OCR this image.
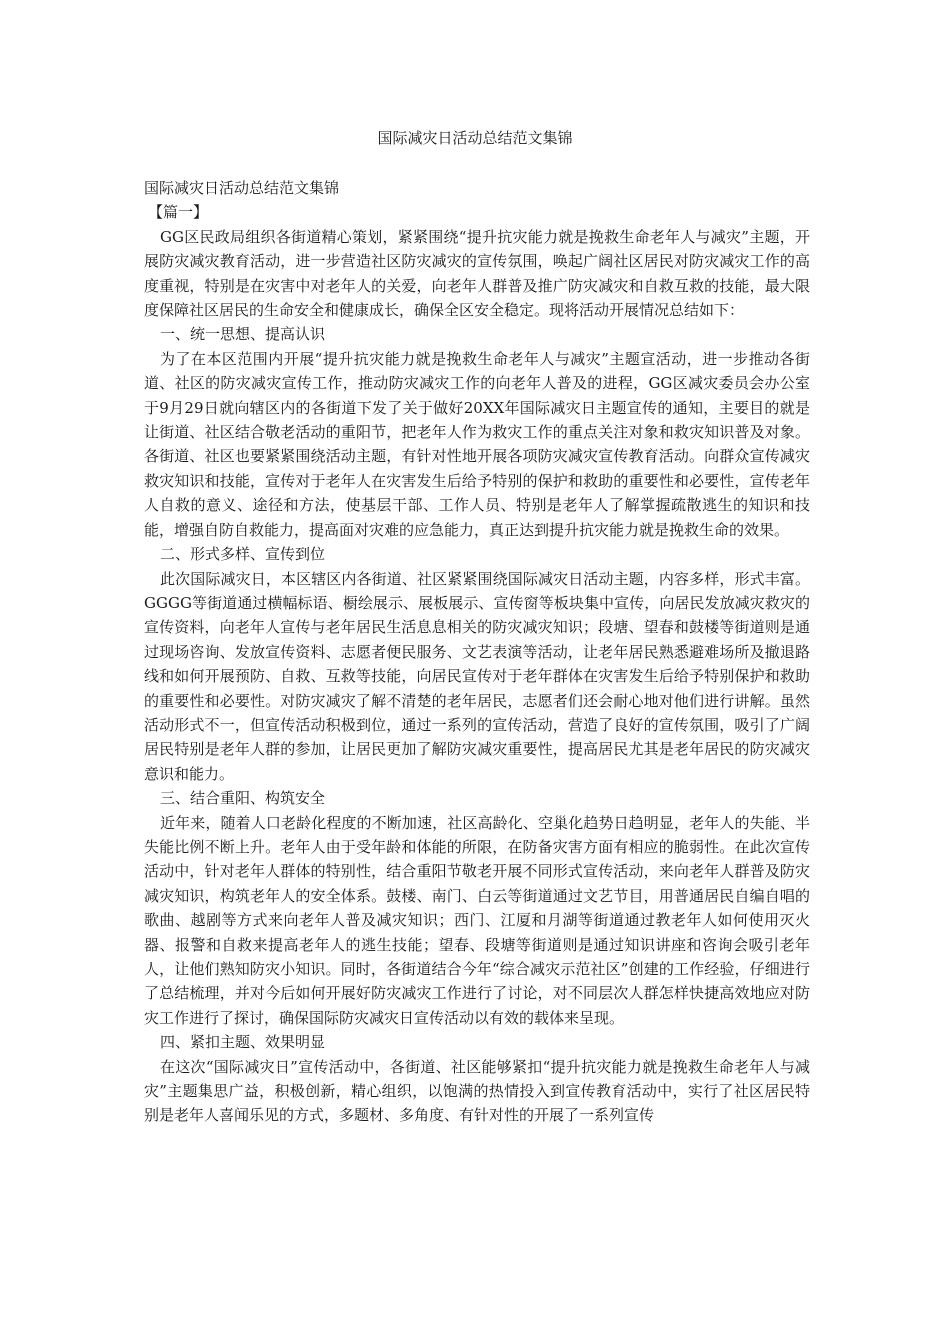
国际减灾日活动总结范文集锦

国际减灾日活动总结范文集锦

【篇一】

GG区民政局组织各街道精心策划，紧紧围绕“提升抗灾能力就是挽救生命老年人与减灾”主题，开展防灾减灾教育活动，进一步营造社区防灾减灾的宣传氛围，唤起广阔社区居民对防灾减灾工作的高度重视，特别是在灾害中对老年人的关爱，向老年人群普及推广防灾减灾和自救互救的技能，最大限度保障社区居民的生命安全和健康成长，确保全区安全稳定。现将活动开展情况总结如下：

一、统一思想、提高认识

为了在本区范围内开展“提升抗灾能力就是挽救生命老年人与减灾”主题宣活动，进一步推动各街道、社区的防灾减灾宣传工作，推动防灾减灾工作的向老年人普及的进程，GG区减灾委员会办公室于9月29日就向辖区内的各街道下发了关于做好20XX年国际减灾日主题宣传的通知，主要目的就是让街道、社区结合敬老活动的重阳节，把老年人作为救灾工作的重点关注对象和救灾知识普及对象。各街道、社区也要紧紧围绕活动主题，有针对性地开展各项防灾减灾宣传教育活动。向群众宣传减灾救灾知识和技能，宣传对于老年人在灾害发生后给予特别的保护和救助的重要性和必要性，宣传老年人自救的意义、途径和方法，使基层干部、工作人员、特别是老年人了解掌握疏散逃生的知识和技能，增强自防自救能力，提高面对灾难的应急能力，真正达到提升抗灾能力就是挽救生命的效果。

二、形式多样、宣传到位

此次国际减灾日，本区辖区内各街道、社区紧紧围绕国际减灾日活动主题，内容多样，形式丰富。GGGG等街道通过横幅标语、橱绘展示、展板展示、宣传窗等板块集中宣传，向居民发放减灾救灾的宣传资料，向老年人宣传与老年居民生活息息相关的防灾减灾知识；段塘、望春和鼓楼等街道则是通过现场咨询、发放宣传资料、志愿者便民服务、文艺表演等活动，让老年居民熟悉避难场所及撤退路线和如何开展预防、自救、互救等技能，向居民宣传对于老年群体在灾害发生后给予特别保护和救助的重要性和必要性。对防灾减灾了解不清楚的老年居民，志愿者们还会耐心地对他们进行讲解。虽然活动形式不一，但宣传活动积极到位，通过一系列的宣传活动，营造了良好的宣传氛围，吸引了广阔居民特别是老年人群的参加，让居民更加了解防灾减灾重要性，提高居民尤其是老年居民的防灾减灾意识和能力。

三、结合重阳、构筑安全

近年来，随着人口老龄化程度的不断加速，社区高龄化、空巢化趋势日趋明显，老年人的失能、半失能比例不断上升。老年人由于受年龄和体能的所限，在防备灾害方面有相应的脆弱性。在此次宣传活动中，针对老年人群体的特别性，结合重阳节敬老开展不同形式宣传活动，来向老年人群普及防灾减灾知识，构筑老年人的安全体系。鼓楼、南门、白云等街道通过文艺节目，用普通居民自编自唱的歌曲、越剧等方式来向老年人普及减灾知识；西门、江厦和月湖等街道通过教老年人如何使用灭火器、报警和自救来提高老年人的逃生技能；望春、段塘等街道则是通过知识讲座和咨询会吸引老年人，让他们熟知防灾小知识。同时，各街道结合今年“综合减灾示范社区”创建的工作经验，仔细进行了总结梳理，并对今后如何开展好防灾减灾工作进行了讨论，对不同层次人群怎样快捷高效地应对防灾工作进行了探讨，确保国际防灾减灾日宣传活动以有效的载体来呈现。

四、紧扣主题、效果明显

在这次“国际减灾日”宣传活动中，各街道、社区能够紧扣“提升抗灾能力就是挽救生命老年人与减灾”主题集思广益，积极创新，精心组织，以饱满的热情投入到宣传教育活动中，实行了社区居民特别是老年人喜闻乐见的方式，多题材、多角度、有针对性的开展了一系列宣传
